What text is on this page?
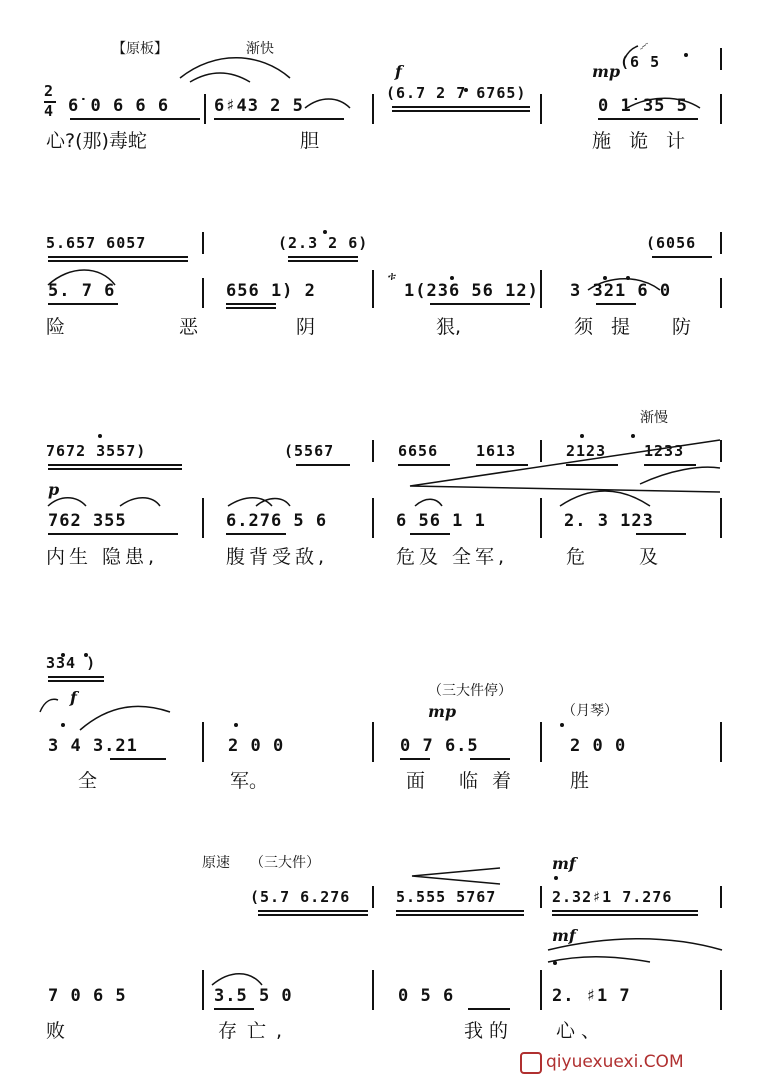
【原板】	渐快
f	mp
𝆱
(6 5
2
4
(6.7 2 7 6765)
6̇ 0 6 6 6	6♯43 2 5	0 1̇ 35 5
心?(那)毒蛇	胆	施诡计
5.657 6057	(2.3 2 6)	(6056
5. 7 6	656 1) 2
ቱ
1(236 56 12) 3 321 6 0
险 恶 阴	狠,	须提 防
渐慢
7672 3557)	(5567	6656	1613	2123	1233
p
762 355	6.276 5 6	6 56 1 1	2. 3 123
内生 隐患,	腹背受敌,	危及 全军,	危 及
334 )
（三大件停）
f
mp	（月琴）
3 4 3.21	2 0 0	0 7 6.5	2 0 0
全	军。	面 临着 胜
原速 （三大件）	mf
(5.7 6.276	5.555 5767	2.32♯1 7.276
mf
7 0 6 5	3.5 5 0	0 5 6	2. ♯1 7
败	存亡,	我的 心、
qiyuexuexi.COM
